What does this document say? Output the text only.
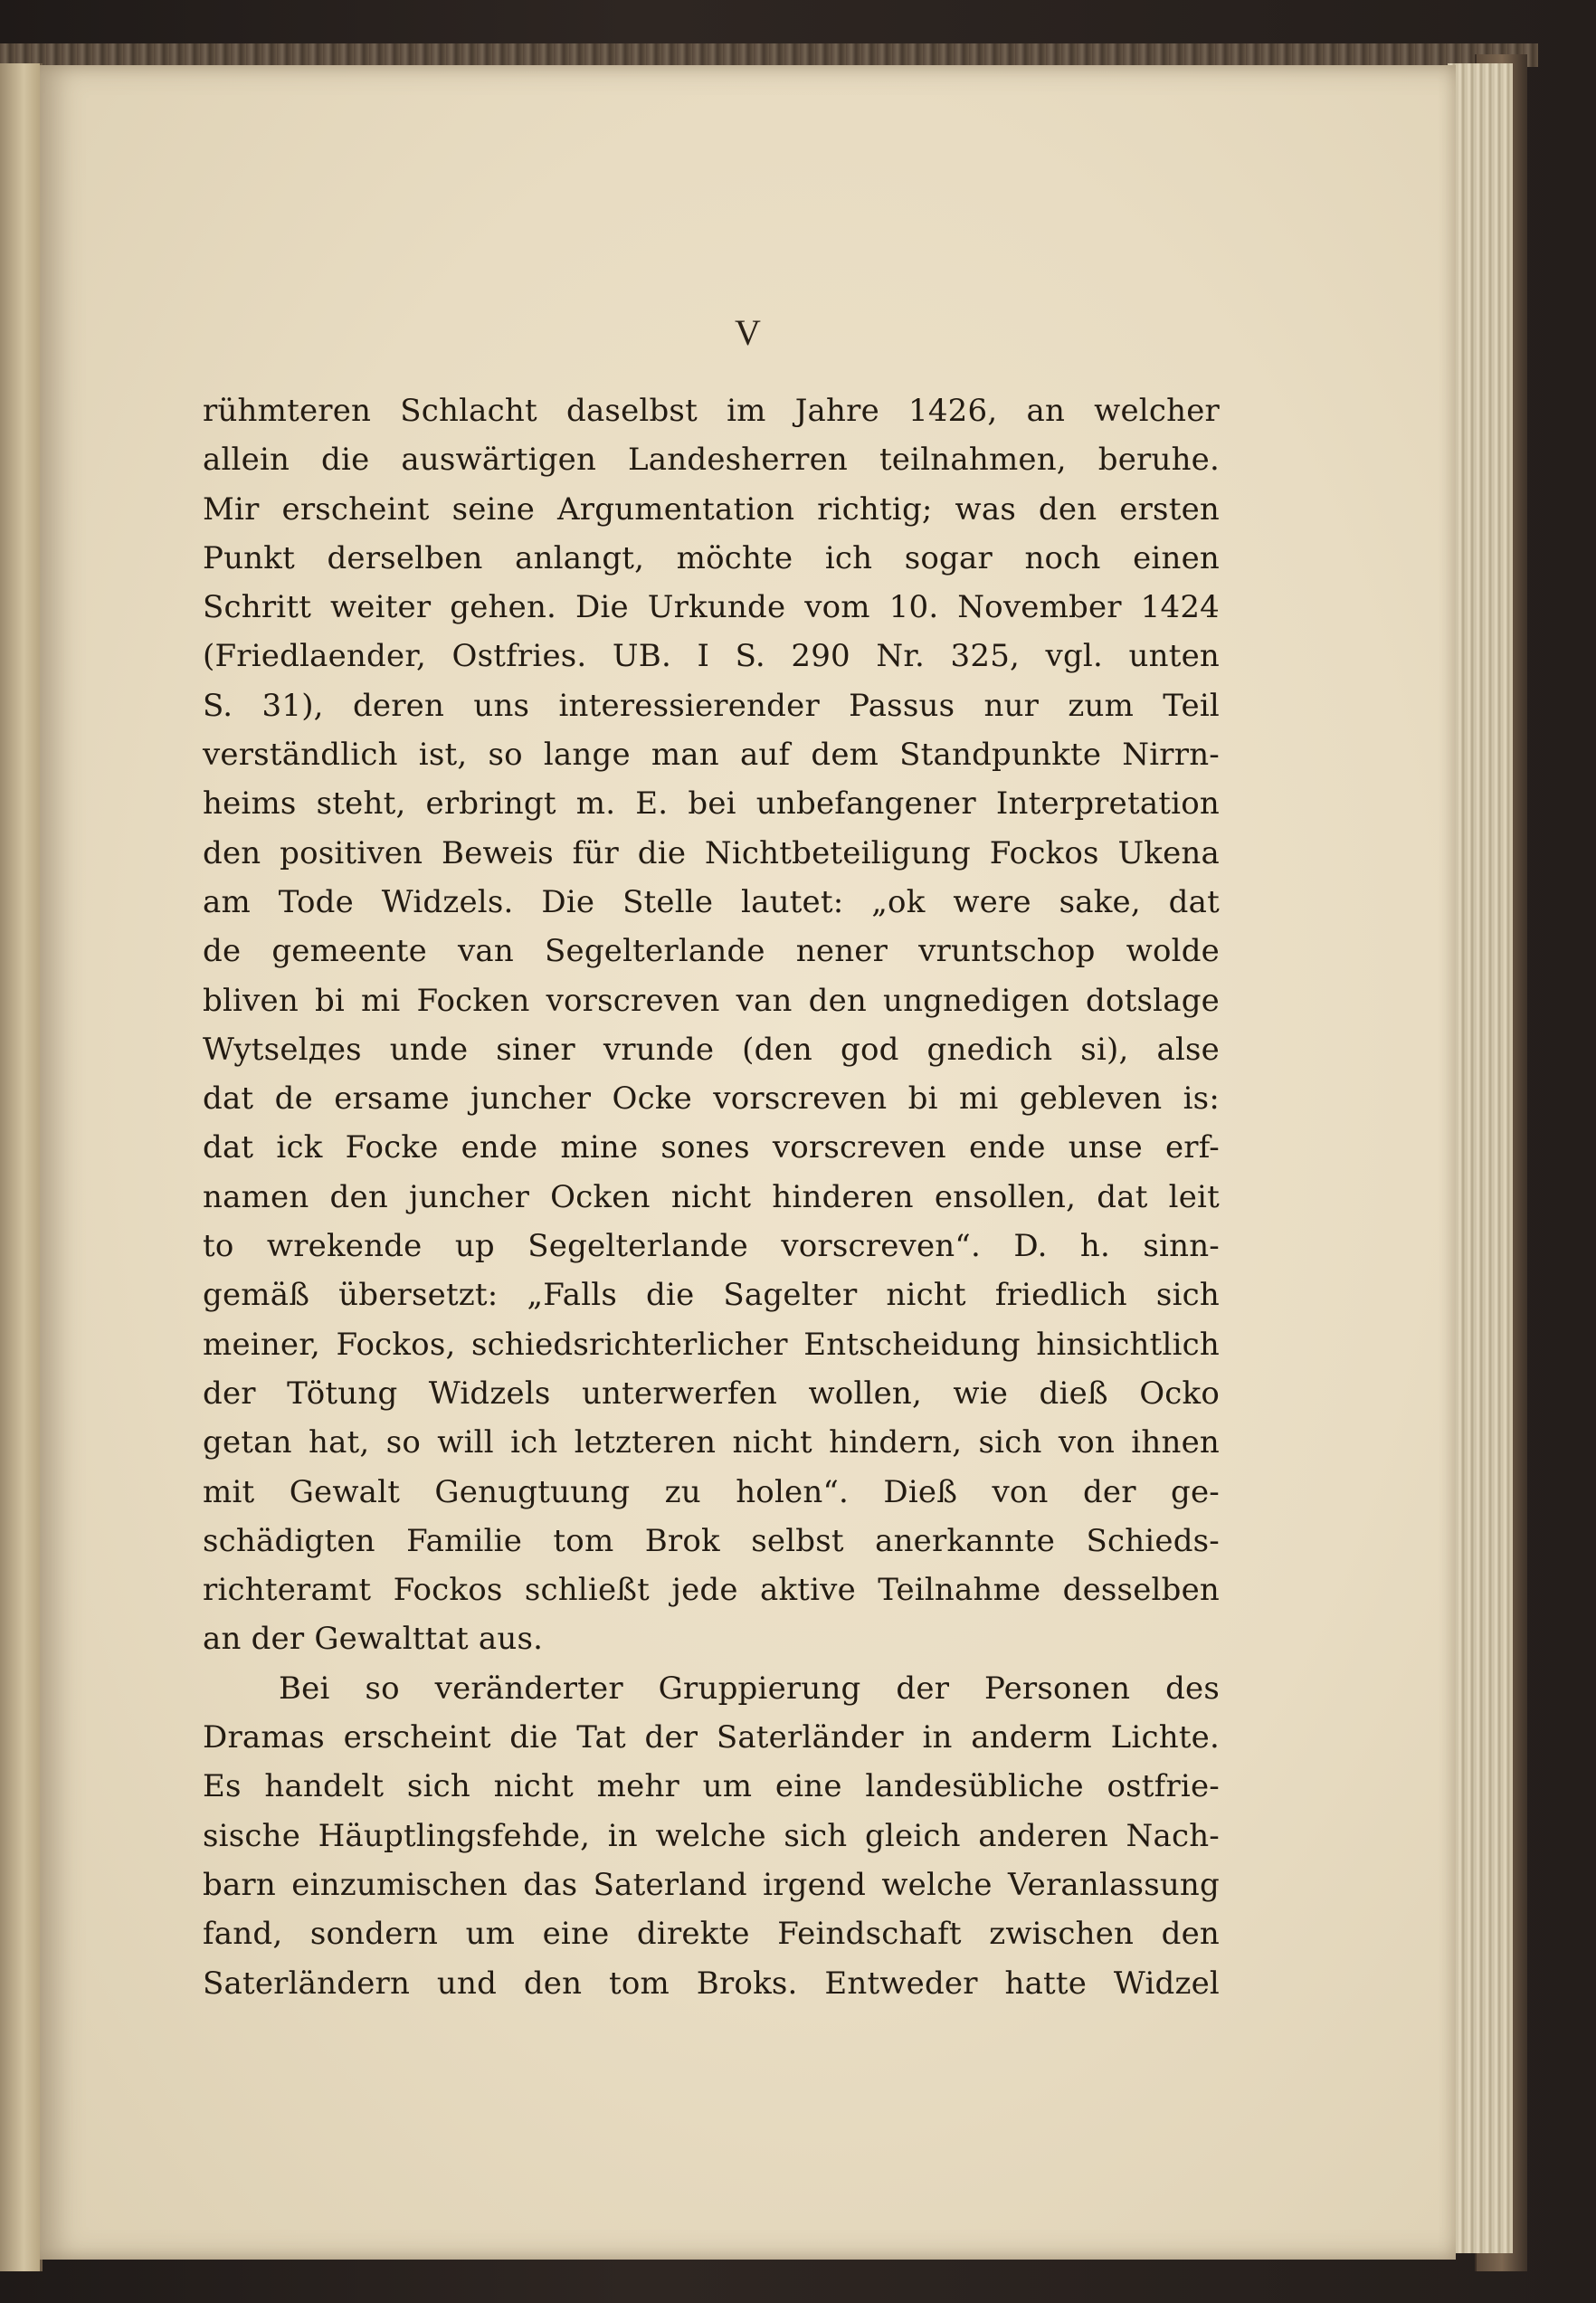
V
rühmteren Schlacht daselbst im Jahre 1426, an welcher
allein die auswärtigen Landesherren teilnahmen, beruhe.
Mir erscheint seine Argumentation richtig; was den ersten
Punkt derselben anlangt, möchte ich sogar noch einen
Schritt weiter gehen. Die Urkunde vom 10. November 1424
(Friedlaender, Ostfries. UB. I S. 290 Nr. 325, vgl. unten
S. 31), deren uns interessierender Passus nur zum Teil
verständlich ist, so lange man auf dem Standpunkte Nirrn-
heims steht, erbringt m. E. bei unbefangener Interpretation
den positiven Beweis für die Nichtbeteiligung Fockos Ukena
am Tode Widzels. Die Stelle lautet: „ok were sake, dat
de gemeente van Segelterlande nener vruntschop wolde
bliven bi mi Focken vorscreven van den ungnedigen dotslage
Wytselдes unde siner vrunde (den god gnedich si), alse
dat de ersame juncher Ocke vorscreven bi mi gebleven is:
dat ick Focke ende mine sones vorscreven ende unse erf-
namen den juncher Ocken nicht hinderen ensollen, dat leit
to wrekende up Segelterlande vorscreven“. D. h. sinn-
gemäß übersetzt: „Falls die Sagelter nicht friedlich sich
meiner, Fockos, schiedsrichterlicher Entscheidung hinsichtlich
der Tötung Widzels unterwerfen wollen, wie dieß Ocko
getan hat, so will ich letzteren nicht hindern, sich von ihnen
mit Gewalt Genugtuung zu holen“. Dieß von der ge-
schädigten Familie tom Brok selbst anerkannte Schieds-
richteramt Fockos schließt jede aktive Teilnahme desselben
an der Gewalttat aus.
Bei so veränderter Gruppierung der Personen des
Dramas erscheint die Tat der Saterländer in anderm Lichte.
Es handelt sich nicht mehr um eine landesübliche ostfrie-
sische Häuptlingsfehde, in welche sich gleich anderen Nach-
barn einzumischen das Saterland irgend welche Veranlassung
fand, sondern um eine direkte Feindschaft zwischen den
Saterländern und den tom Broks. Entweder hatte Widzel
